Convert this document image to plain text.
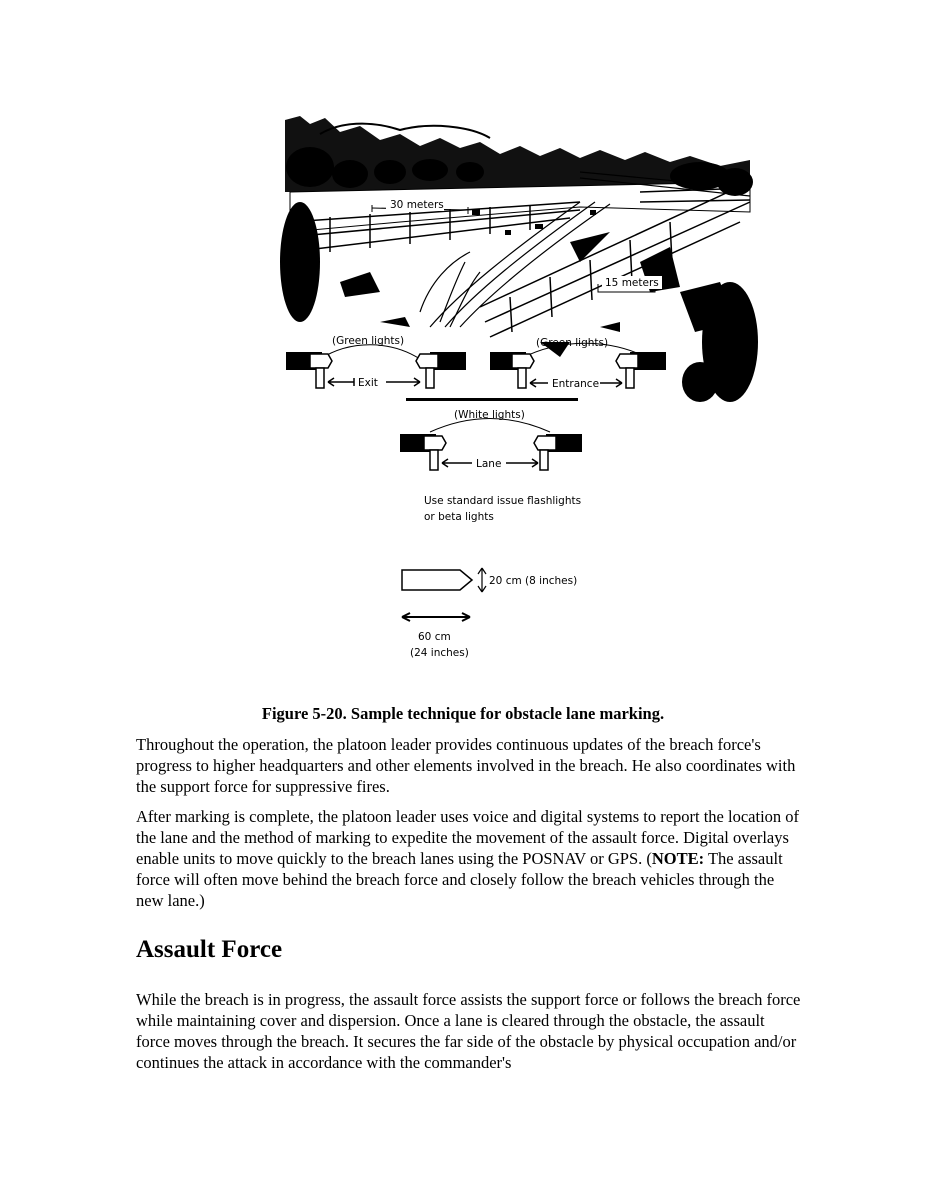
30 meters
15 meters
(Green lights)
Exit
(Green lights)
Entrance
(White lights)
Lane
Use standard issue flashlights
or beta lights
20 cm (8 inches)
60 cm
(24 inches)
Figure 5-20. Sample technique for obstacle lane marking.
Throughout the operation, the platoon leader provides continuous updates of the breach force's progress to higher headquarters and other elements involved in the breach. He also coordinates with the support force for suppressive fires.
After marking is complete, the platoon leader uses voice and digital systems to report the location of the lane and the method of marking to expedite the movement of the assault force. Digital overlays enable units to move quickly to the breach lanes using the POSNAV or GPS. (NOTE: The assault force will often move behind the breach force and closely follow the breach vehicles through the new lane.)
Assault Force
While the breach is in progress, the assault force assists the support force or follows the breach force while maintaining cover and dispersion. Once a lane is cleared through the obstacle, the assault force moves through the breach. It secures the far side of the obstacle by physical occupation and/or continues the attack in accordance with the commander's
